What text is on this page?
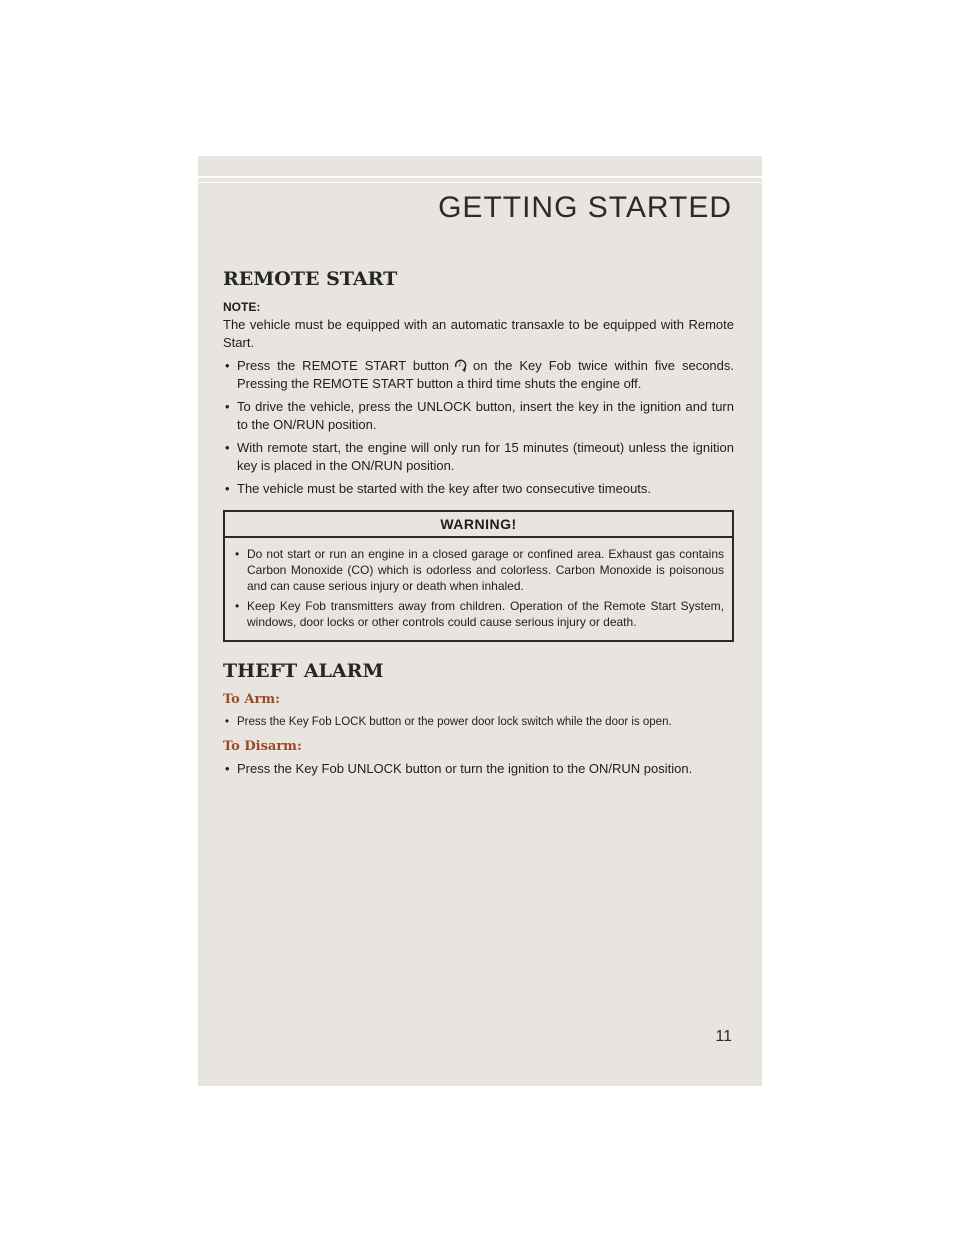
GETTING STARTED
REMOTE START
NOTE:
The vehicle must be equipped with an automatic transaxle to be equipped with Remote Start.
• Press the REMOTE START button 2 on the Key Fob twice within five seconds. Pressing the REMOTE START button a third time shuts the engine off.
• To drive the vehicle, press the UNLOCK button, insert the key in the ignition and turn to the ON/RUN position.
• With remote start, the engine will only run for 15 minutes (timeout) unless the ignition key is placed in the ON/RUN position.
• The vehicle must be started with the key after two consecutive timeouts.
WARNING!
• Do not start or run an engine in a closed garage or confined area. Exhaust gas contains Carbon Monoxide (CO) which is odorless and colorless. Carbon Monoxide is poisonous and can cause serious injury or death when inhaled.
• Keep Key Fob transmitters away from children. Operation of the Remote Start System, windows, door locks or other controls could cause serious injury or death.
THEFT ALARM
To Arm:
• Press the Key Fob LOCK button or the power door lock switch while the door is open.
To Disarm:
• Press the Key Fob UNLOCK button or turn the ignition to the ON/RUN position.
11
